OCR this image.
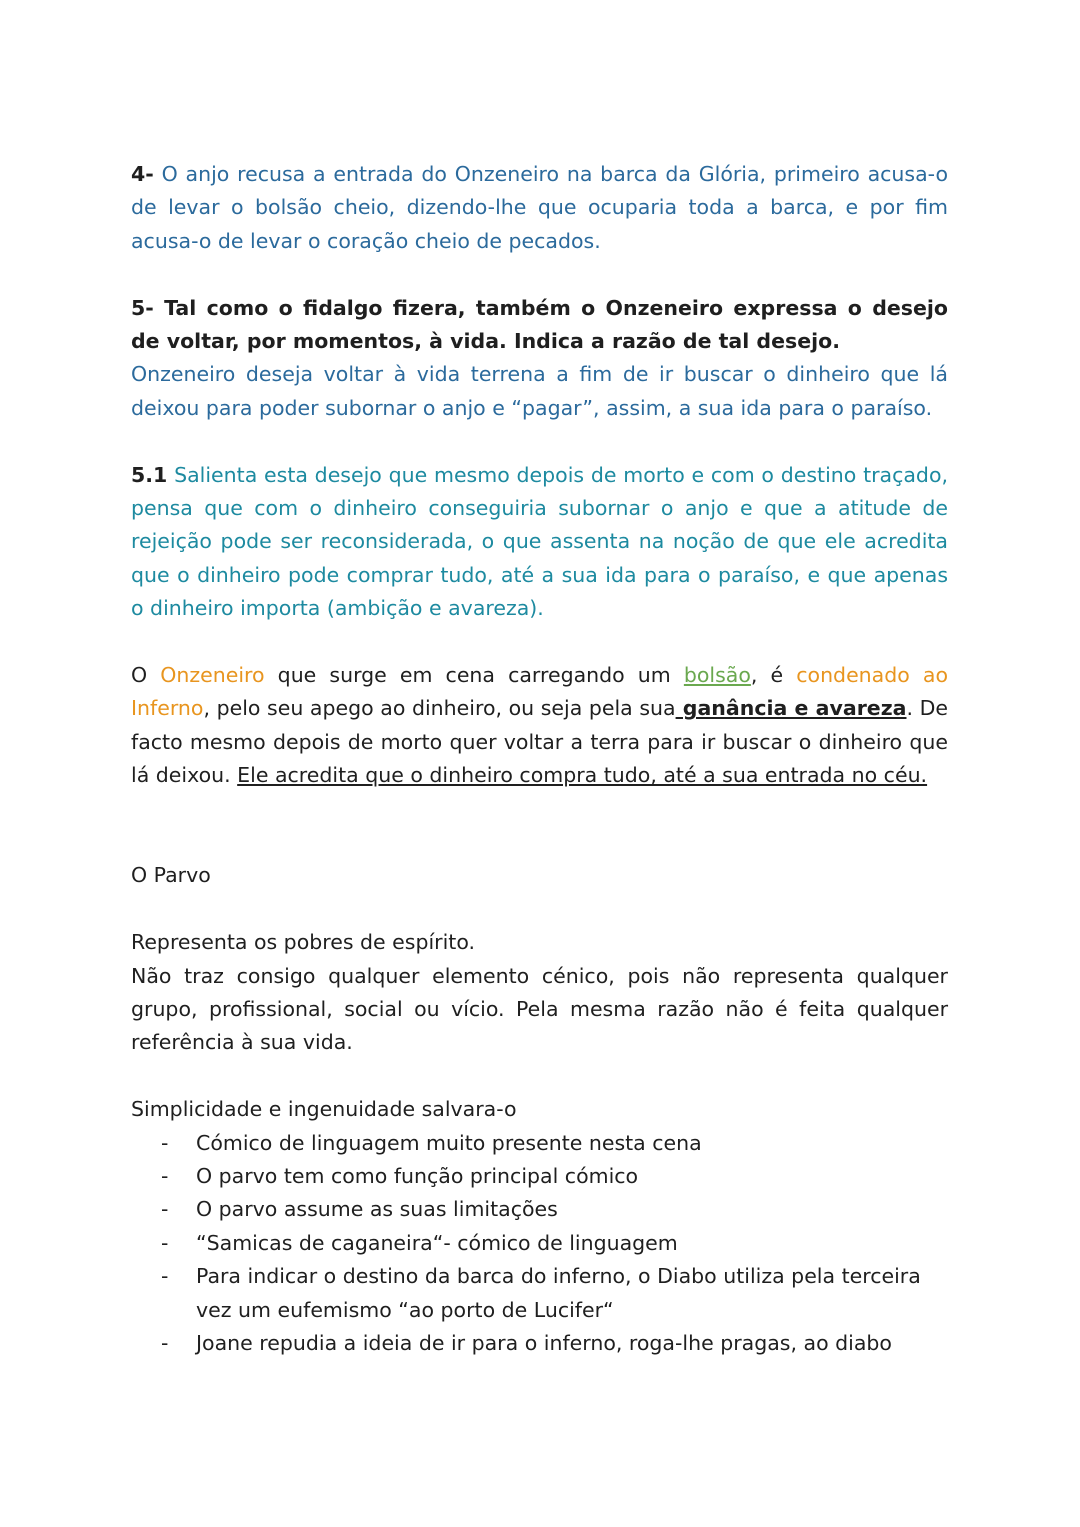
4- O anjo recusa a entrada do Onzeneiro na barca da Glória, primeiro acusa-o de levar o bolsão cheio, dizendo-lhe que ocuparia toda a barca, e por fim acusa-o de levar o coração cheio de pecados.

5- Tal como o fidalgo fizera, também o Onzeneiro expressa o desejo de voltar, por momentos, à vida. Indica a razão de tal desejo.

Onzeneiro deseja voltar à vida terrena a fim de ir buscar o dinheiro que lá deixou para poder subornar o anjo e “pagar”, assim, a sua ida para o paraíso.

5.1 Salienta esta desejo que mesmo depois de morto e com o destino traçado, pensa que com o dinheiro conseguiria subornar o anjo e que a atitude de rejeição pode ser reconsiderada, o que assenta na noção de que ele acredita que o dinheiro pode comprar tudo, até a sua ida para o paraíso, e que apenas o dinheiro importa (ambição e avareza).

O Onzeneiro que surge em cena carregando um bolsão, é condenado ao Inferno, pelo seu apego ao dinheiro, ou seja pela sua ganância e avareza. De facto mesmo depois de morto quer voltar a terra para ir buscar o dinheiro que lá deixou. Ele acredita que o dinheiro compra tudo, até a sua entrada no céu.

O Parvo

Representa os pobres de espírito.

Não traz consigo qualquer elemento cénico, pois não representa qualquer grupo, profissional, social ou vício. Pela mesma razão não é feita qualquer referência à sua vida.

Simplicidade e ingenuidade salvara-o

- Cómico de linguagem muito presente nesta cena
- O parvo tem como função principal cómico
- O parvo assume as suas limitações
- “Samicas de caganeira“- cómico de linguagem
- Para indicar o destino da barca do inferno, o Diabo utiliza pela terceira vez um eufemismo “ao porto de Lucifer“
- Joane repudia a ideia de ir para o inferno, roga-lhe pragas, ao diabo
